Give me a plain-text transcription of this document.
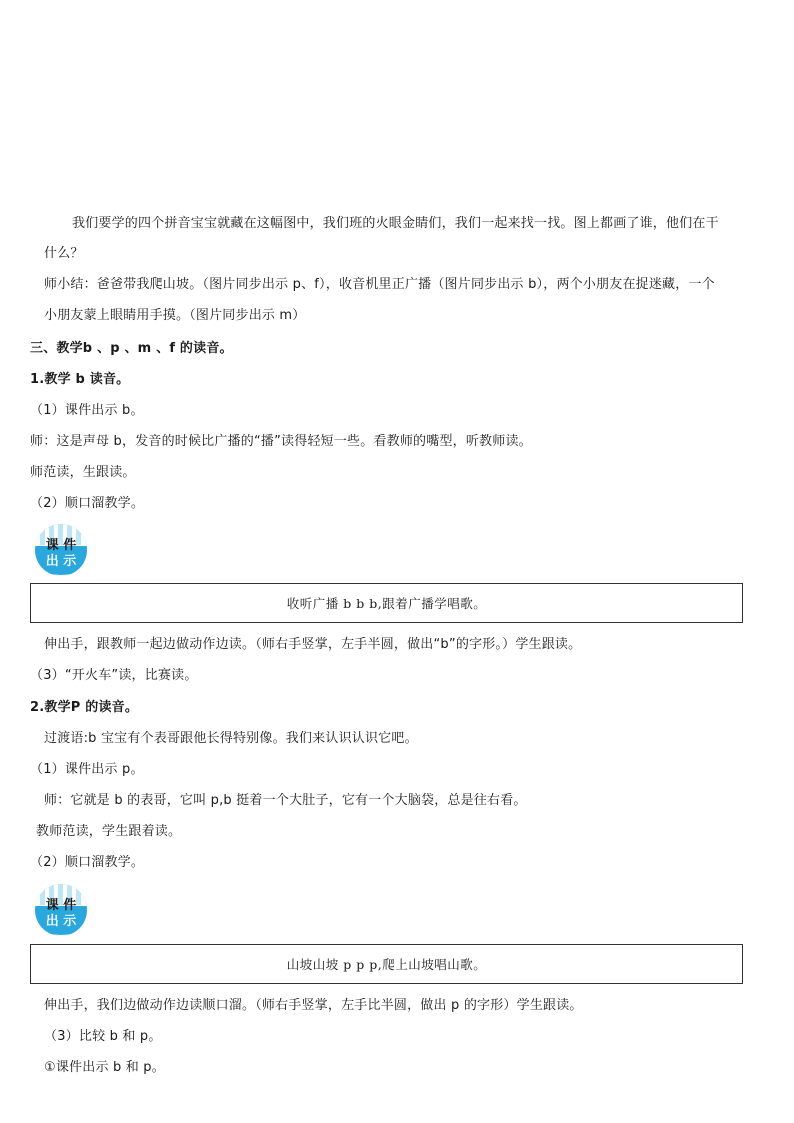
我们要学的四个拼音宝宝就藏在这幅图中，我们班的火眼金睛们，我们一起来找一找。图上都画了谁，他们在干
什么？
师小结：爸爸带我爬山坡。（图片同步出示 p、f），收音机里正广播（图片同步出示 b），两个小朋友在捉迷藏，一个
小朋友蒙上眼睛用手摸。（图片同步出示 m）
三、教学b 、p 、m 、f 的读音。
1.教学 b 读音。
（1）课件出示 b。
师：这是声母 b，发音的时候比广播的“播”读得轻短一些。看教师的嘴型，听教师读。
师范读，生跟读。
（2）顺口溜教学。
课 件
出 示
收听广播 b b b,跟着广播学唱歌。
伸出手，跟教师一起边做动作边读。（师右手竖掌，左手半圆，做出“b”的字形。）学生跟读。
（3）“开火车”读，比赛读。
2.教学P 的读音。
过渡语:b 宝宝有个表哥跟他长得特别像。我们来认识认识它吧。
（1）课件出示 p。
师：它就是 b 的表哥，它叫 p,b 挺着一个大肚子，它有一个大脑袋，总是往右看。
教师范读，学生跟着读。
（2）顺口溜教学。
课 件
出 示
山坡山坡 p p p,爬上山坡唱山歌。
伸出手，我们边做动作边读顺口溜。（师右手竖掌，左手比半圆，做出 p 的字形）学生跟读。
（3）比较 b 和 p。
①课件出示 b 和 p。
